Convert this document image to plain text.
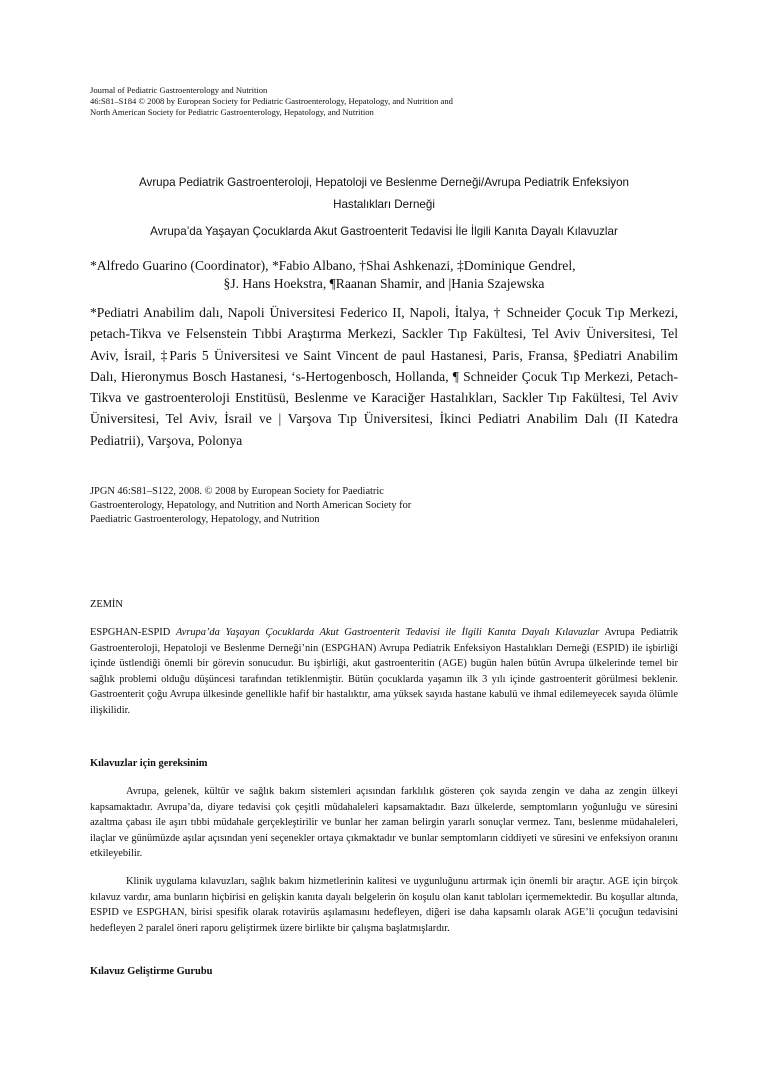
Journal of Pediatric Gastroenterology and Nutrition
46:S81–S184 © 2008 by European Society for Pediatric Gastroenterology, Hepatology, and Nutrition and
North American Society for Pediatric Gastroenterology, Hepatology, and Nutrition
Avrupa Pediatrik Gastroenteroloji, Hepatoloji ve Beslenme Derneği/Avrupa Pediatrik Enfeksiyon
Hastalıkları Derneği
Avrupa’da Yaşayan Çocuklarda Akut Gastroenterit Tedavisi İle İlgili Kanıta Dayalı Kılavuzlar
*Alfredo Guarino (Coordinator), *Fabio Albano, †Shai Ashkenazi, ‡Dominique Gendrel,
§J. Hans Hoekstra, ¶Raanan Shamir, and |Hania Szajewska
*Pediatri Anabilim dalı, Napoli Üniversitesi Federico II, Napoli, İtalya, † Schneider Çocuk Tıp Merkezi, petach-Tikva ve Felsenstein Tıbbi Araştırma Merkezi, Sackler Tıp Fakültesi, Tel Aviv Üniversitesi, Tel Aviv, İsrail, ‡Paris 5 Üniversitesi ve Saint Vincent de paul Hastanesi, Paris, Fransa, §Pediatri Anabilim Dalı, Hieronymus Bosch Hastanesi, ‘s-Hertogenbosch, Hollanda, ¶ Schneider Çocuk Tıp Merkezi, Petach-Tikva ve gastroenteroloji Enstitüsü, Beslenme ve Karaciğer Hastalıkları, Sackler Tıp Fakültesi, Tel Aviv Üniversitesi, Tel Aviv, İsrail ve | Varşova Tıp Üniversitesi, İkinci Pediatri Anabilim Dalı (II Katedra Pediatrii), Varşova, Polonya
JPGN 46:S81–S122, 2008. © 2008 by European Society for Paediatric
Gastroenterology, Hepatology, and Nutrition and North American Society for
Paediatric Gastroenterology, Hepatology, and Nutrition
ZEMİN
ESPGHAN-ESPID Avrupa’da Yaşayan Çocuklarda Akut Gastroenterit Tedavisi ile İlgili Kanıta Dayalı Kılavuzlar Avrupa Pediatrik Gastroenteroloji, Hepatoloji ve Beslenme Derneği’nin (ESPGHAN) Avrupa Pediatrik Enfeksiyon Hastalıkları Derneği (ESPID) ile işbirliği içinde üstlendiği önemli bir görevin sonucudur. Bu işbirliği, akut gastroenteritin (AGE) bugün halen bütün Avrupa ülkelerinde temel bir sağlık problemi olduğu düşüncesi tarafından tetiklenmiştir. Bütün çocuklarda yaşamın ilk 3 yılı içinde gastroenterit görülmesi beklenir. Gastroenterit çoğu Avrupa ülkesinde genellikle hafif bir hastalıktır, ama yüksek sayıda hastane kabulü ve ihmal edilemeyecek sayıda ölümle ilişkilidir.
Kılavuzlar için gereksinim
Avrupa, gelenek, kültür ve sağlık bakım sistemleri açısından farklılık gösteren çok sayıda zengin ve daha az zengin ülkeyi kapsamaktadır. Avrupa’da, diyare tedavisi çok çeşitli müdahaleleri kapsamaktadır. Bazı ülkelerde, semptomların yoğunluğu ve süresini azaltma çabası ile aşırı tıbbi müdahale gerçekleştirilir ve bunlar her zaman belirgin yararlı sonuçlar vermez. Tanı, beslenme müdahaleleri, ilaçlar ve günümüzde aşılar açısından yeni seçenekler ortaya çıkmaktadır ve bunlar semptomların ciddiyeti ve süresini ve enfeksiyon oranını etkileyebilir.
Klinik uygulama kılavuzları, sağlık bakım hizmetlerinin kalitesi ve uygunluğunu artırmak için önemli bir araçtır. AGE için birçok kılavuz vardır, ama bunların hiçbirisi en gelişkin kanıta dayalı belgelerin ön koşulu olan kanıt tabloları içermemektedir. Bu koşullar altında, ESPID ve ESPGHAN, birisi spesifik olarak rotavirüs aşılamasını hedefleyen, diğeri ise daha kapsamlı olarak AGE’li çocuğun tedavisini hedefleyen 2 paralel öneri raporu geliştirmek üzere birlikte bir çalışma başlatmışlardır.
Kılavuz Geliştirme Gurubu
